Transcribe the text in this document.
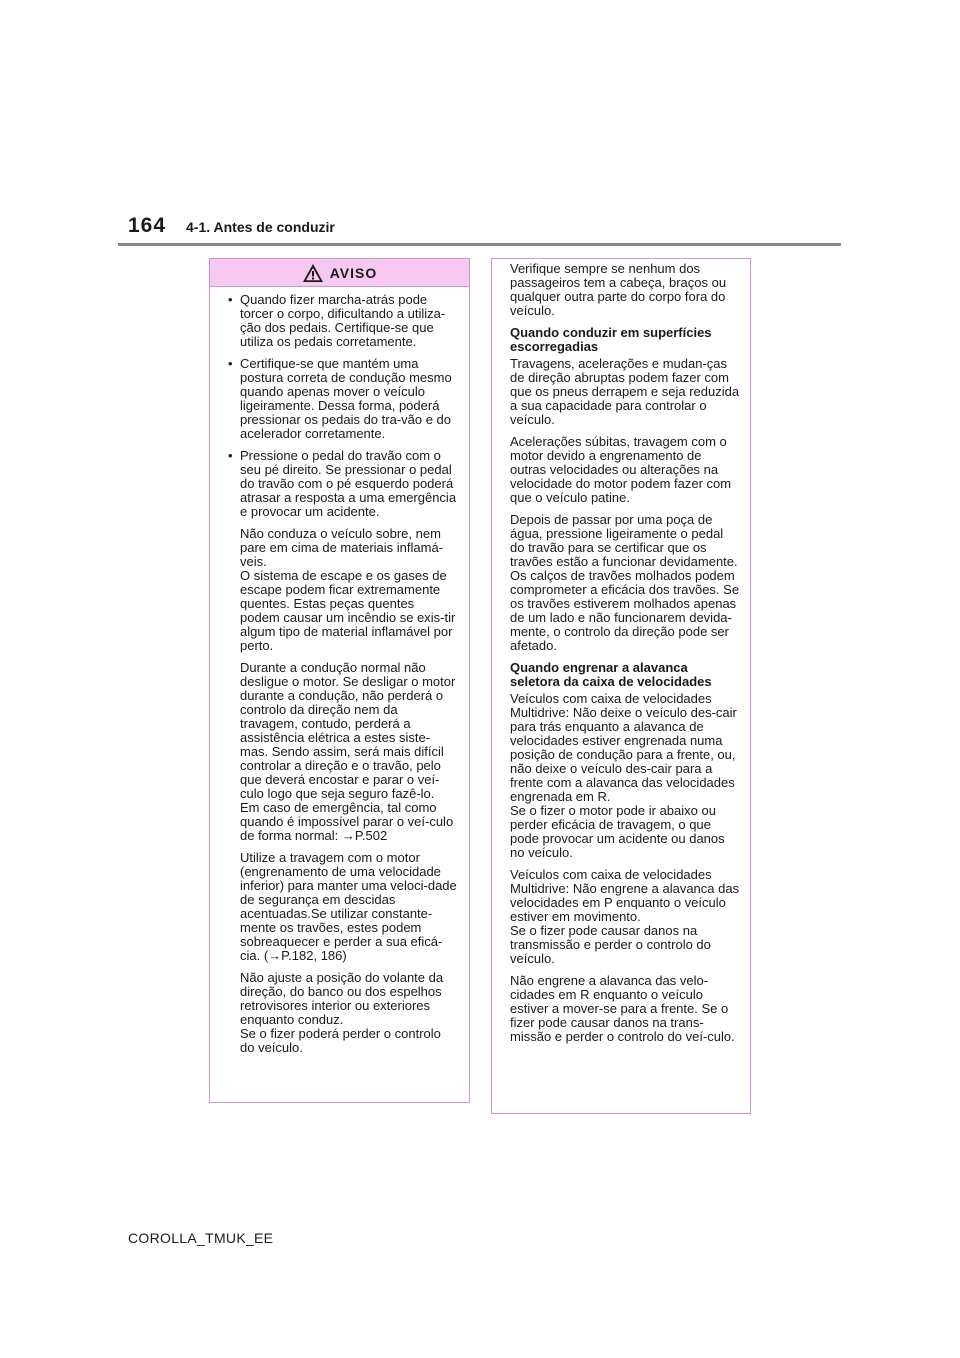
164 4-1. Antes de conduzir
AVISO
• Quando fizer marcha-atrás pode torcer o corpo, dificultando a utiliza-ção dos pedais. Certifique-se que utiliza os pedais corretamente.
• Certifique-se que mantém uma postura correta de condução mesmo quando apenas mover o veículo ligeiramente. Dessa forma, poderá pressionar os pedais do tra-vão e do acelerador corretamente.
• Pressione o pedal do travão com o seu pé direito. Se pressionar o pedal do travão com o pé esquerdo poderá atrasar a resposta a uma emergência e provocar um acidente.
Não conduza o veículo sobre, nem pare em cima de materiais inflamá-veis.
O sistema de escape e os gases de escape podem ficar extremamente quentes. Estas peças quentes podem causar um incêndio se exis-tir algum tipo de material inflamável por perto.
Durante a condução normal não desligue o motor. Se desligar o motor durante a condução, não perderá o controlo da direção nem da travagem, contudo, perderá a assistência elétrica a estes siste-mas. Sendo assim, será mais difícil controlar a direção e o travão, pelo que deverá encostar e parar o veí-culo logo que seja seguro fazê-lo. Em caso de emergência, tal como quando é impossível parar o veí-culo de forma normal: →P.502
Utilize a travagem com o motor (engrenamento de uma velocidade inferior) para manter uma veloci-dade de segurança em descidas acentuadas.Se utilizar constante-mente os travões, estes podem sobreaquecer e perder a sua eficá-cia. (→P.182, 186)
Não ajuste a posição do volante da direção, do banco ou dos espelhos retrovisores interior ou exteriores enquanto conduz.
Se o fizer poderá perder o controlo do veículo.
Verifique sempre se nenhum dos passageiros tem a cabeça, braços ou qualquer outra parte do corpo fora do veículo.
Quando conduzir em superfícies escorregadias
Travagens, acelerações e mudan-ças de direção abruptas podem fazer com que os pneus derrapem e seja reduzida a sua capacidade para controlar o veículo.
Acelerações súbitas, travagem com o motor devido a engrenamento de outras velocidades ou alterações na velocidade do motor podem fazer com que o veículo patine.
Depois de passar por uma poça de água, pressione ligeiramente o pedal do travão para se certificar que os travões estão a funcionar devidamente. Os calços de travões molhados podem comprometer a eficácia dos travões. Se os travões estiverem molhados apenas de um lado e não funcionarem devida-mente, o controlo da direção pode ser afetado.
Quando engrenar a alavanca seletora da caixa de velocidades
Veículos com caixa de velocidades Multidrive: Não deixe o veículo des-cair para trás enquanto a alavanca de velocidades estiver engrenada numa posição de condução para a frente, ou, não deixe o veículo des-cair para a frente com a alavanca das velocidades engrenada em R.
Se o fizer o motor pode ir abaixo ou perder eficácia de travagem, o que pode provocar um acidente ou danos no veículo.
Veículos com caixa de velocidades Multidrive: Não engrene a alavanca das velocidades em P enquanto o veículo estiver em movimento.
Se o fizer pode causar danos na transmissão e perder o controlo do veículo.
Não engrene a alavanca das velo-cidades em R enquanto o veículo estiver a mover-se para a frente. Se o fizer pode causar danos na trans-missão e perder o controlo do veí-culo.
COROLLA_TMUK_EE
